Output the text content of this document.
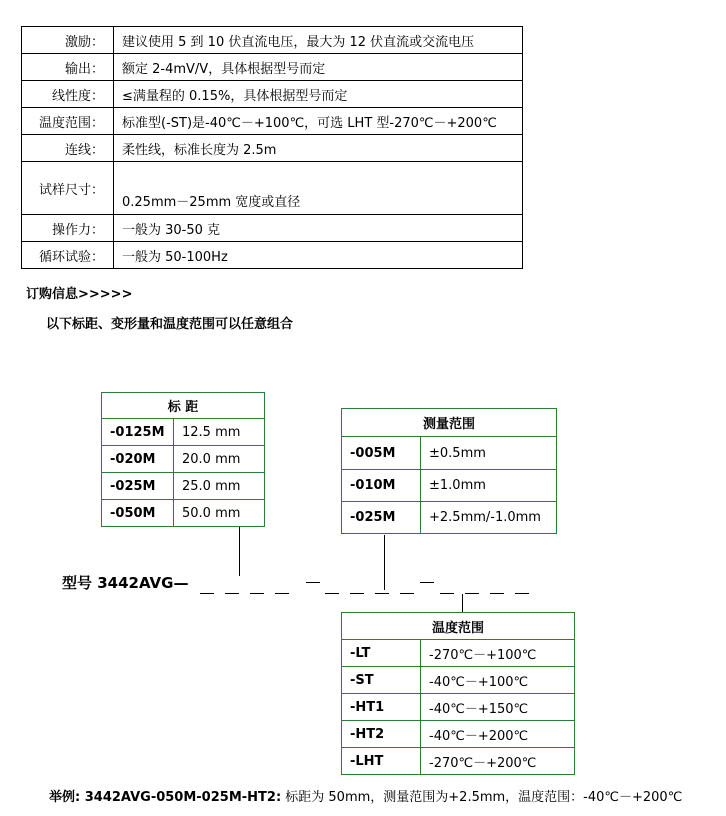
激励：	建议使用 5 到 10 伏直流电压，最大为 12 伏直流或交流电压
输出：	额定 2-4mV/V，具体根据型号而定
线性度：	≤满量程的 0.15%，具体根据型号而定
温度范围：	标准型(-ST)是-40℃－+100℃，可选 LHT 型-270℃－+200℃
连线：	柔性线，标准长度为 2.5m
试样尺寸：	0.25mm－25mm 宽度或直径
操作力：	一般为 30-50 克
循环试验：	一般为 50-100Hz
订购信息>>>>>
以下标距、变形量和温度范围可以任意组合
标 距	
-0125M	12.5 mm
-020M	20.0 mm
-025M	25.0 mm
-050M	50.0 mm
测量范围	
-005M	±0.5mm
-010M	±1.0mm
-025M	+2.5mm/-1.0mm
温度范围	
-LT	-270℃－+100℃
-ST	-40℃－+100℃
-HT1	-40℃－+150℃
-HT2	-40℃－+200℃
-LHT	-270℃－+200℃
型号 3442AVG—
举例: 3442AVG-050M-025M-HT2: 标距为 50mm，测量范围为+2.5mm，温度范围：-40℃－+200℃
